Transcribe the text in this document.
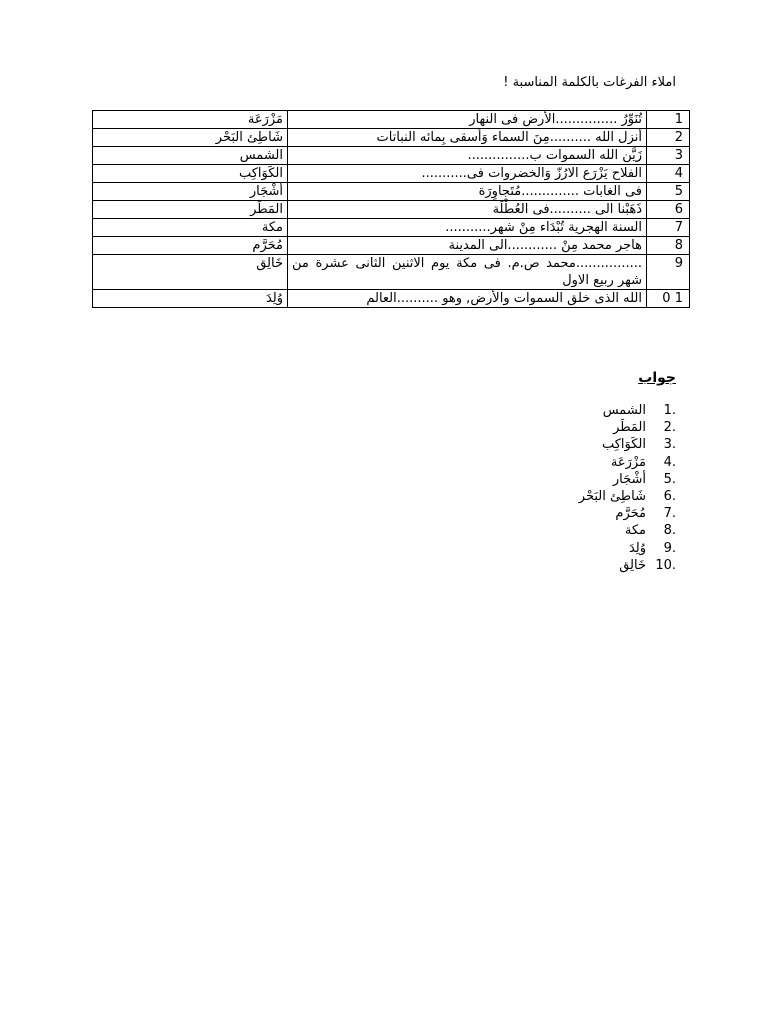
املاء الفرغات بالكلمة المناسبة !
1	تُنَوِّرُ ...............الأرض فى النهار	مَزْرَعَة
2	أنزل الله ..........مِنَ السماء وَأسقى بِمائه النباتات	شَاطِئ البَحْر
3	زَيَّن الله السموات ب...............	الشمس
4	الفلاح يَزْرَع الارُزّ وَالخضروات فى...........	الكَوَاكِب
5	فى الغابات ..............مُتَجاوِرَة	أشْجَار
6	ذَهَبْنا الى ..........فى العُطْلَة	المَطَر
7	السنة الهجرية تُبْدَاء مِنْ شهر...........	مكة
8	هاجر محمد مِنْ ............الى المدينة	مُحَرَّم
9	................محمد ص.م. فى مكة يوم الاثنين الثانى عشرة من شهر ربيع الاول	خَالِق
1 0	الله الذى خلق السموات والأرض, وهو ..........العالم	وُلِدَ
جواب
الشمس	1.
المَطَر	2.
الكَوَاكِب	3.
مَزْرَعَة	4.
أشْجَار	5.
شَاطِئ البَحْر	6.
مُحَرَّم	7.
مكة	8.
وُلِدَ	9.
خَالِق 10.
